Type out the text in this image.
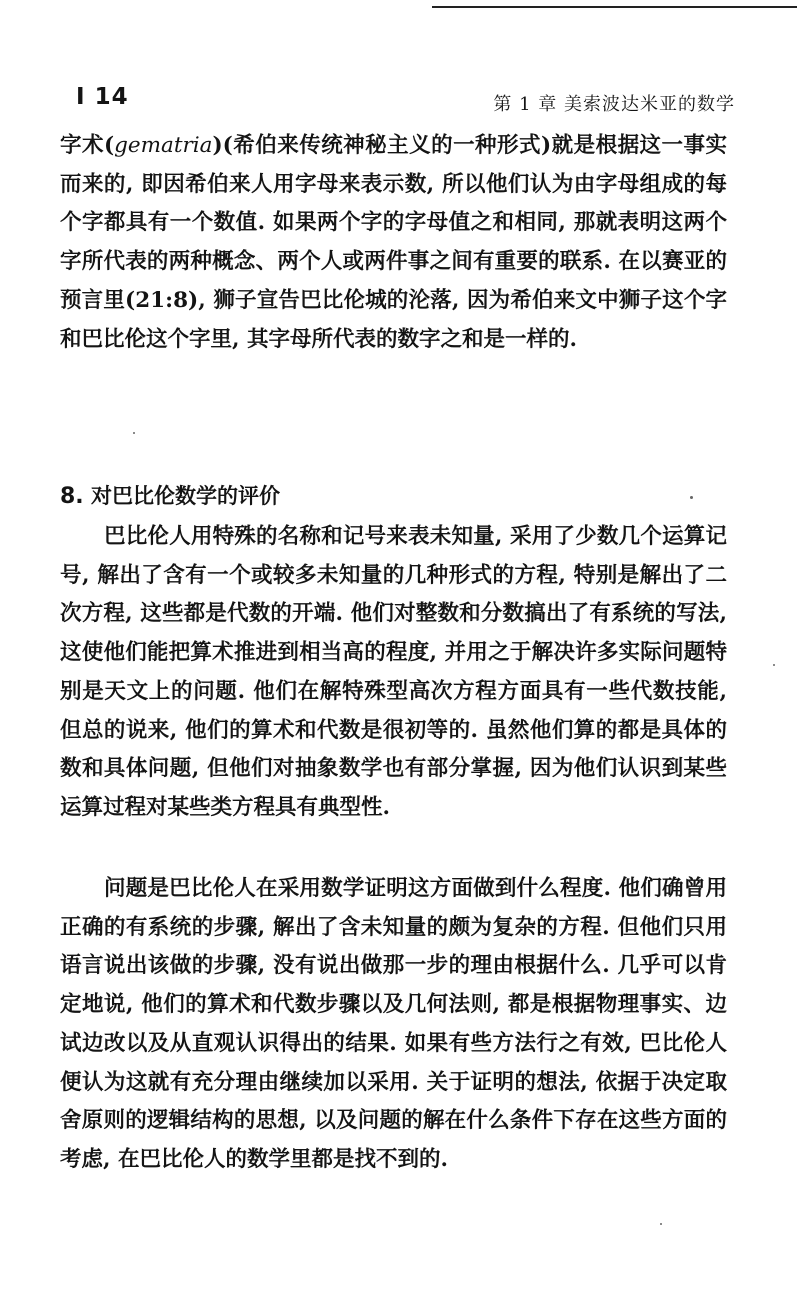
I 14	第 1 章 美索波达米亚的数学

字术(gematria)(希伯来传统神秘主义的一种形式)就是根据这一事实而来的, 即因希伯来人用字母来表示数, 所以他们认为由字母组成的每个字都具有一个数值. 如果两个字的字母值之和相同, 那就表明这两个字所代表的两种概念、两个人或两件事之间有重要的联系. 在以赛亚的预言里(21:8), 狮子宣告巴比伦城的沦落, 因为希伯来文中狮子这个字和巴比伦这个字里, 其字母所代表的数字之和是一样的.

8. 对巴比伦数学的评价

巴比伦人用特殊的名称和记号来表未知量, 采用了少数几个运算记号, 解出了含有一个或较多未知量的几种形式的方程, 特别是解出了二次方程, 这些都是代数的开端. 他们对整数和分数搞出了有系统的写法, 这使他们能把算术推进到相当高的程度, 并用之于解决许多实际问题特别是天文上的问题. 他们在解特殊型高次方程方面具有一些代数技能, 但总的说来, 他们的算术和代数是很初等的. 虽然他们算的都是具体的数和具体问题, 但他们对抽象数学也有部分掌握, 因为他们认识到某些运算过程对某些类方程具有典型性.

问题是巴比伦人在采用数学证明这方面做到什么程度. 他们确曾用正确的有系统的步骤, 解出了含未知量的颇为复杂的方程. 但他们只用语言说出该做的步骤, 没有说出做那一步的理由根据什么. 几乎可以肯定地说, 他们的算术和代数步骤以及几何法则, 都是根据物理事实、边试边改以及从直观认识得出的结果. 如果有些方法行之有效, 巴比伦人便认为这就有充分理由继续加以采用. 关于证明的想法, 依据于决定取舍原则的逻辑结构的思想, 以及问题的解在什么条件下存在这些方面的考虑, 在巴比伦人的数学里都是找不到的.
